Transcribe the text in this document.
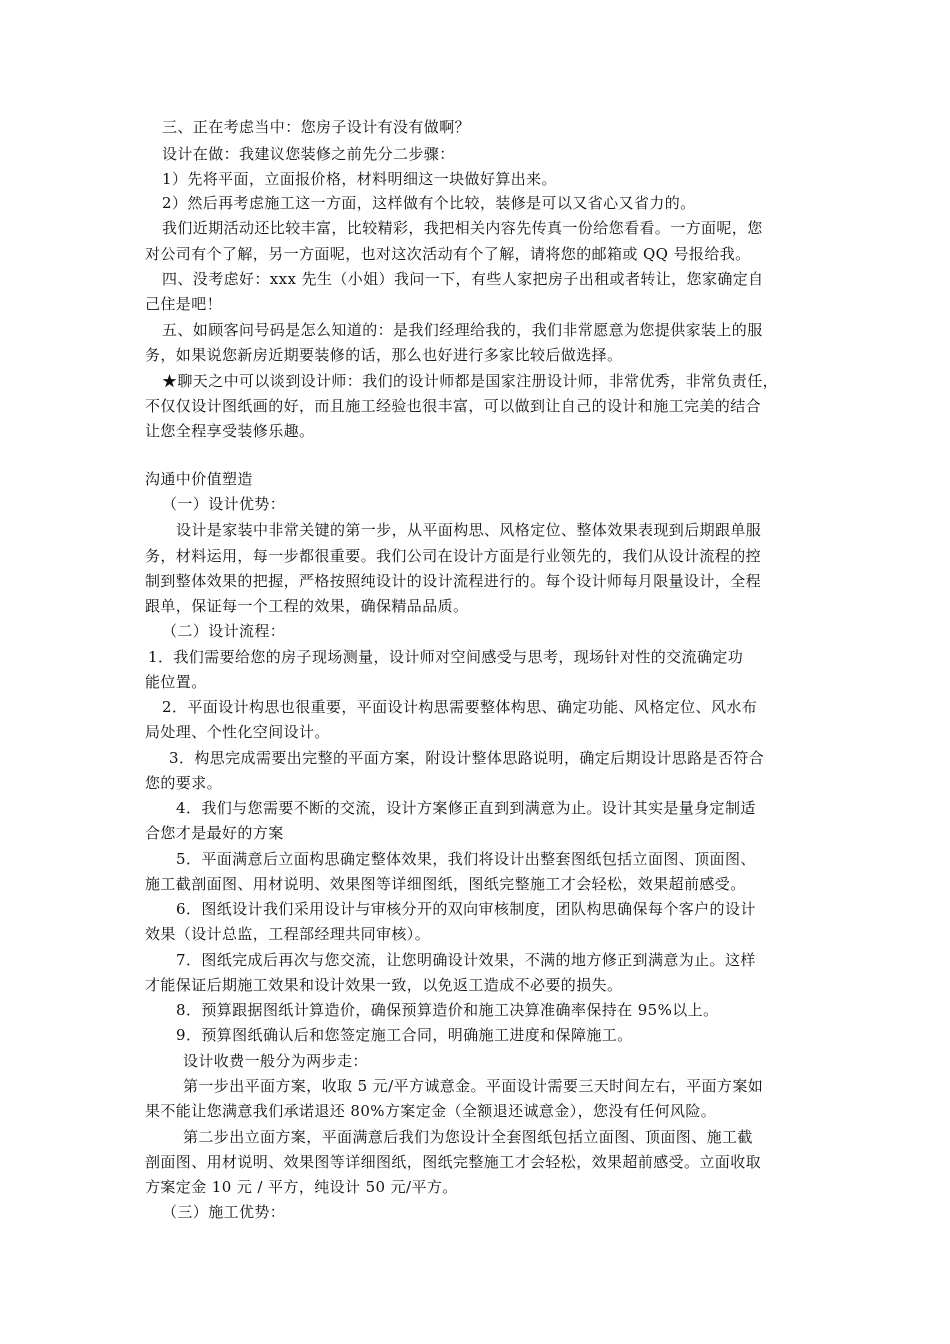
三、正在考虑当中：您房子设计有没有做啊？
设计在做：我建议您装修之前先分二步骤：
1）先将平面，立面报价格，材料明细这一块做好算出来。
2）然后再考虑施工这一方面，这样做有个比较，装修是可以又省心又省力的。
我们近期活动还比较丰富，比较精彩，我把相关内容先传真一份给您看看。一方面呢，您
对公司有个了解，另一方面呢，也对这次活动有个了解，请将您的邮箱或 QQ 号报给我。
四、没考虑好：xxx 先生（小姐）我问一下，有些人家把房子出租或者转让，您家确定自
己住是吧！
五、如顾客问号码是怎么知道的：是我们经理给我的，我们非常愿意为您提供家装上的服
务，如果说您新房近期要装修的话，那么也好进行多家比较后做选择。
★聊天之中可以谈到设计师：我们的设计师都是国家注册设计师，非常优秀，非常负责任，
不仅仅设计图纸画的好，而且施工经验也很丰富，可以做到让自己的设计和施工完美的结合
让您全程享受装修乐趣。
沟通中价值塑造
（一）设计优势：
设计是家装中非常关键的第一步，从平面构思、风格定位、整体效果表现到后期跟单服
务，材料运用，每一步都很重要。我们公司在设计方面是行业领先的，我们从设计流程的控
制到整体效果的把握，严格按照纯设计的设计流程进行的。每个设计师每月限量设计，全程
跟单，保证每一个工程的效果，确保精品品质。
（二）设计流程：
1．我们需要给您的房子现场测量，设计师对空间感受与思考，现场针对性的交流确定功
能位置。
2．平面设计构思也很重要，平面设计构思需要整体构思、确定功能、风格定位、风水布
局处理、个性化空间设计。
3．构思完成需要出完整的平面方案，附设计整体思路说明，确定后期设计思路是否符合
您的要求。
4．我们与您需要不断的交流，设计方案修正直到到满意为止。设计其实是量身定制适
合您才是最好的方案
5．平面满意后立面构思确定整体效果，我们将设计出整套图纸包括立面图、顶面图、
施工截剖面图、用材说明、效果图等详细图纸，图纸完整施工才会轻松，效果超前感受。
6．图纸设计我们采用设计与审核分开的双向审核制度，团队构思确保每个客户的设计
效果（设计总监，工程部经理共同审核）。
7．图纸完成后再次与您交流，让您明确设计效果，不满的地方修正到满意为止。这样
才能保证后期施工效果和设计效果一致，以免返工造成不必要的损失。
8．预算跟据图纸计算造价，确保预算造价和施工决算准确率保持在 95%以上。
9．预算图纸确认后和您签定施工合同，明确施工进度和保障施工。
设计收费一般分为两步走：
第一步出平面方案，收取 5 元/平方诚意金。平面设计需要三天时间左右，平面方案如
果不能让您满意我们承诺退还 80%方案定金（全额退还诚意金），您没有任何风险。
第二步出立面方案，平面满意后我们为您设计全套图纸包括立面图、顶面图、施工截
剖面图、用材说明、效果图等详细图纸，图纸完整施工才会轻松，效果超前感受。立面收取
方案定金 10 元 / 平方，纯设计 50 元/平方。
（三）施工优势：
